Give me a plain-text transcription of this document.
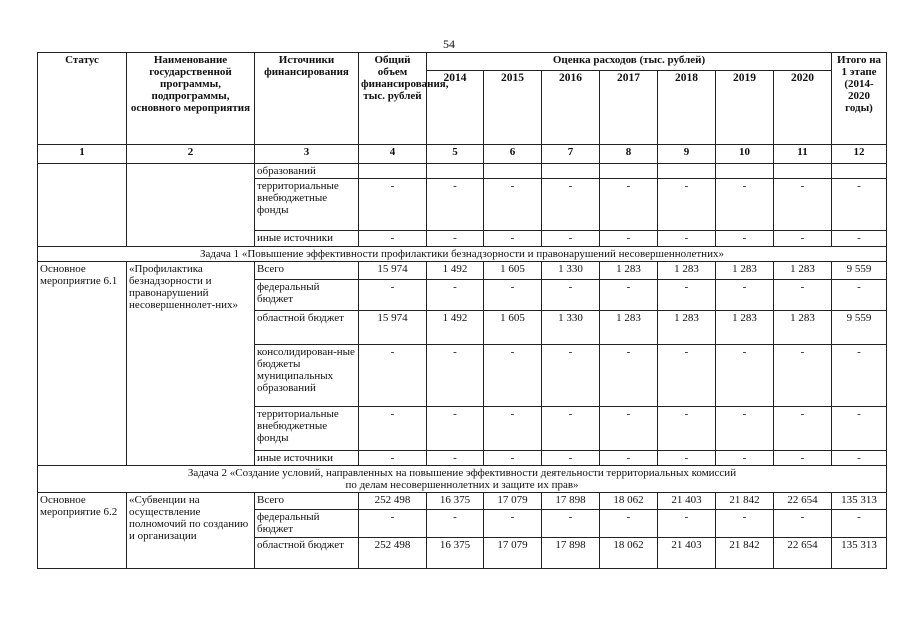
54
Статус	Наименование государственной программы, подпрограммы, основного мероприятия	Источники финансирования	Общий объем финансирования, тыс. рублей	Оценка расходов (тыс. рублей)							Итого на 1 этапе (2014-2020 годы)
				2014	2015	2016	2017	2018	2019	2020	
1	2	3	4	5	6	7	8	9	10	11	12
		образований									
		территориальные внебюджетные фонды	-	-	-	-	-	-	-	-	-
		иные источники	-	-	-	-	-	-	-	-	-
Задача 1 «Повышение эффективности профилактики безнадзорности и правонарушений несовершеннолетних»											
Основное мероприятие 6.1	«Профилактика безнадзорности и правонарушений несовершеннолет-них»	Всего	15 974	1 492	1 605	1 330	1 283	1 283	1 283	1 283	9 559
		федеральный бюджет	-	-	-	-	-	-	-	-	-
		областной бюджет	15 974	1 492	1 605	1 330	1 283	1 283	1 283	1 283	9 559
		консолидирован-ные бюджеты муниципальных образований	-	-	-	-	-	-	-	-	-
		территориальные внебюджетные фонды	-	-	-	-	-	-	-	-	-
		иные источники	-	-	-	-	-	-	-	-	-
Задача 2 «Создание условий, направленных на повышение эффективности деятельности территориальных комиссий
по делам несовершеннолетних и защите их прав»											
Основное мероприятие 6.2	«Субвенции на осуществление полномочий по созданию и организации	Всего	252 498	16 375	17 079	17 898	18 062	21 403	21 842	22 654	135 313
		федеральный бюджет	-	-	-	-	-	-	-	-	-
		областной бюджет	252 498	16 375	17 079	17 898	18 062	21 403	21 842	22 654	135 313
